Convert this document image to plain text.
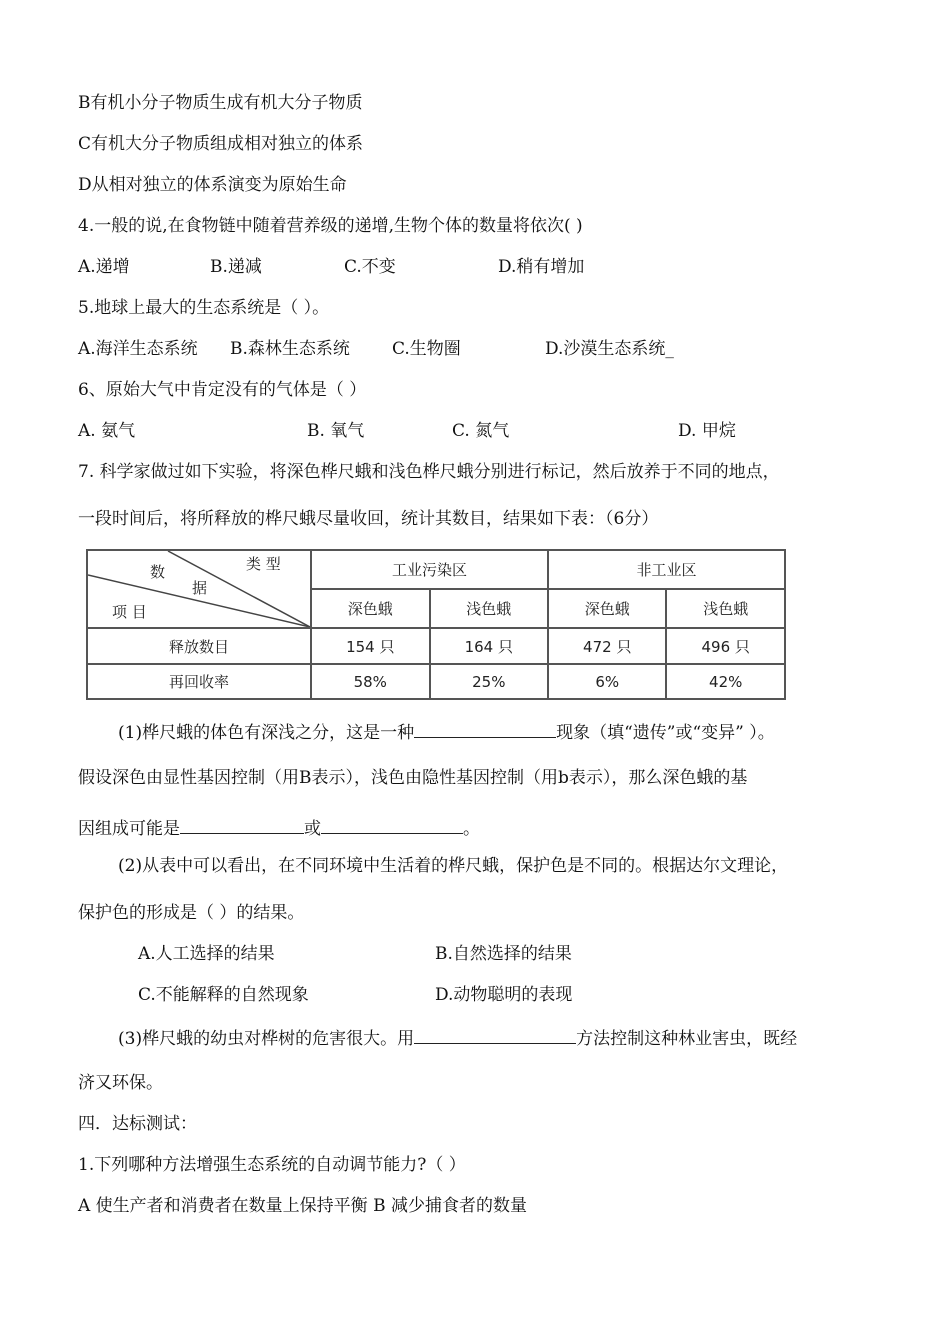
B有机小分子物质生成有机大分子物质
C有机大分子物质组成相对独立的体系
D从相对独立的体系演变为原始生命
4.一般的说,在食物链中随着营养级的递增,生物个体的数量将依次( )
A.递增	B.递减	C.不变	D.稍有增加
5.地球上最大的生态系统是（ ）。
A.海洋生态系统 B.森林生态系统 C.生物圈	D.沙漠生态系统_
6、原始大气中肯定没有的气体是（ ）
A. 氨气	B. 氧气	C. 氮气	D. 甲烷
7. 科学家做过如下实验，将深色桦尺蛾和浅色桦尺蛾分别进行标记，然后放养于不同的地点，
一段时间后，将所释放的桦尺蛾尽量收回，统计其数目，结果如下表：（6分）
类 型
数
据
项 目	工业污染区		非工业区	
	深色蛾	浅色蛾	深色蛾	浅色蛾
释放数目	154 只	164 只	472 只	496 只
再回收率	58%	25%	6%	42%
(1)桦尺蛾的体色有深浅之分，这是一种	现象（填“遗传”或“变异” ）。
假设深色由显性基因控制（用B表示），浅色由隐性基因控制（用b表示），那么深色蛾的基
因组成可能是	或	。
(2)从表中可以看出，在不同环境中生活着的桦尺蛾，保护色是不同的。根据达尔文理论，
保护色的形成是（ ）的结果。
A.人工选择的结果	B.自然选择的结果
C.不能解释的自然现象	D.动物聪明的表现
(3)桦尺蛾的幼虫对桦树的危害很大。用	方法控制这种林业害虫，既经
济又环保。
四．达标测试：
1.下列哪种方法增强生态系统的自动调节能力?（ ）
A 使生产者和消费者在数量上保持平衡 B 减少捕食者的数量
